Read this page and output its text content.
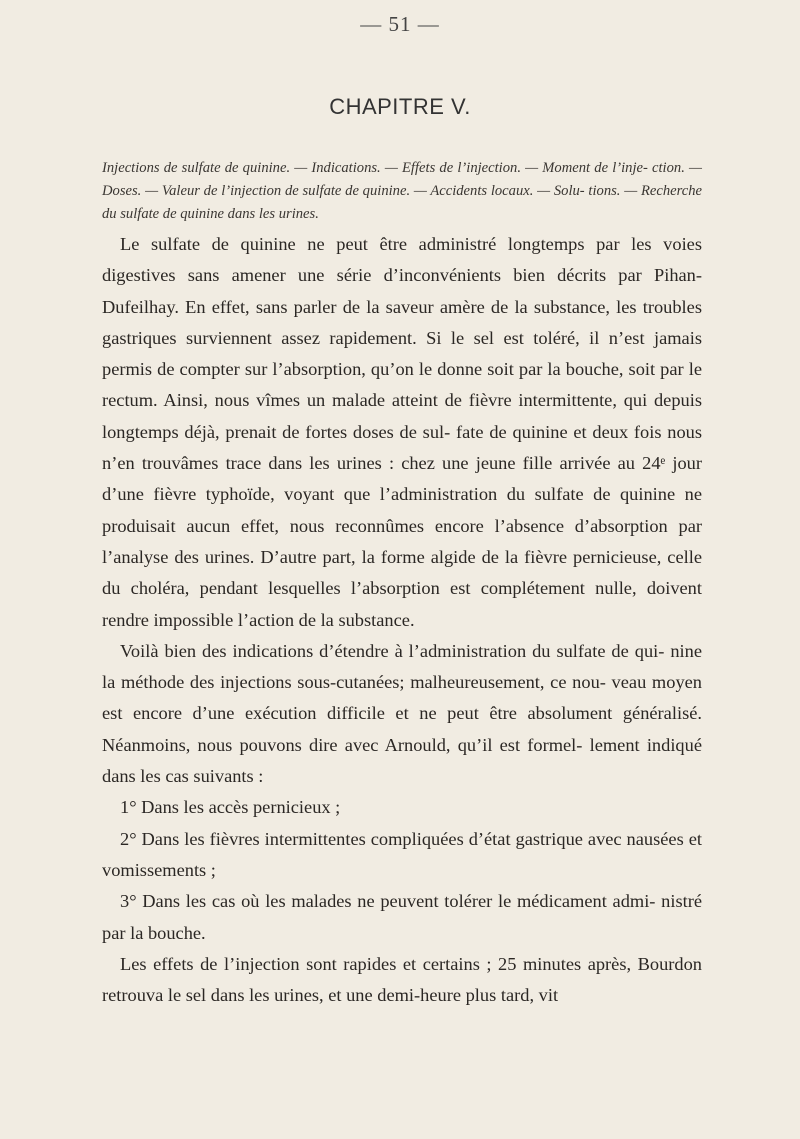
— 51 —
CHAPITRE V.
Injections de sulfate de quinine. — Indications. — Effets de l’injection. — Moment de l’inje- ction. — Doses. — Valeur de l’injection de sulfate de quinine. — Accidents locaux. — Solu- tions. — Recherche du sulfate de quinine dans les urines.

Le sulfate de quinine ne peut être administré longtemps par les voies digestives sans amener une série d’inconvénients bien décrits par Pihan-Dufeilhay. En effet, sans parler de la saveur amère de la substance, les troubles gastriques surviennent assez rapidement. Si le sel est toléré, il n’est jamais permis de compter sur l’absorption, qu’on le donne soit par la bouche, soit par le rectum. Ainsi, nous vîmes un malade atteint de fièvre intermittente, qui depuis longtemps déjà, prenait de fortes doses de sul- fate de quinine et deux fois nous n’en trouvâmes trace dans les urines : chez une jeune fille arrivée au 24ᵉ jour d’une fièvre typhoïde, voyant que l’administration du sulfate de quinine ne produisait aucun effet, nous reconnûmes encore l’absence d’absorption par l’analyse des urines. D’autre part, la forme algide de la fièvre pernicieuse, celle du choléra, pendant lesquelles l’absorption est complétement nulle, doivent rendre impossible l’action de la substance.

Voilà bien des indications d’étendre à l’administration du sulfate de qui- nine la méthode des injections sous-cutanées; malheureusement, ce nou- veau moyen est encore d’une exécution difficile et ne peut être absolument généralisé. Néanmoins, nous pouvons dire avec Arnould, qu’il est formel- lement indiqué dans les cas suivants :

1° Dans les accès pernicieux ;

2° Dans les fièvres intermittentes compliquées d’état gastrique avec nausées et vomissements ;

3° Dans les cas où les malades ne peuvent tolérer le médicament admi- nistré par la bouche.

Les effets de l’injection sont rapides et certains ; 25 minutes après, Bourdon retrouva le sel dans les urines, et une demi-heure plus tard, vit
